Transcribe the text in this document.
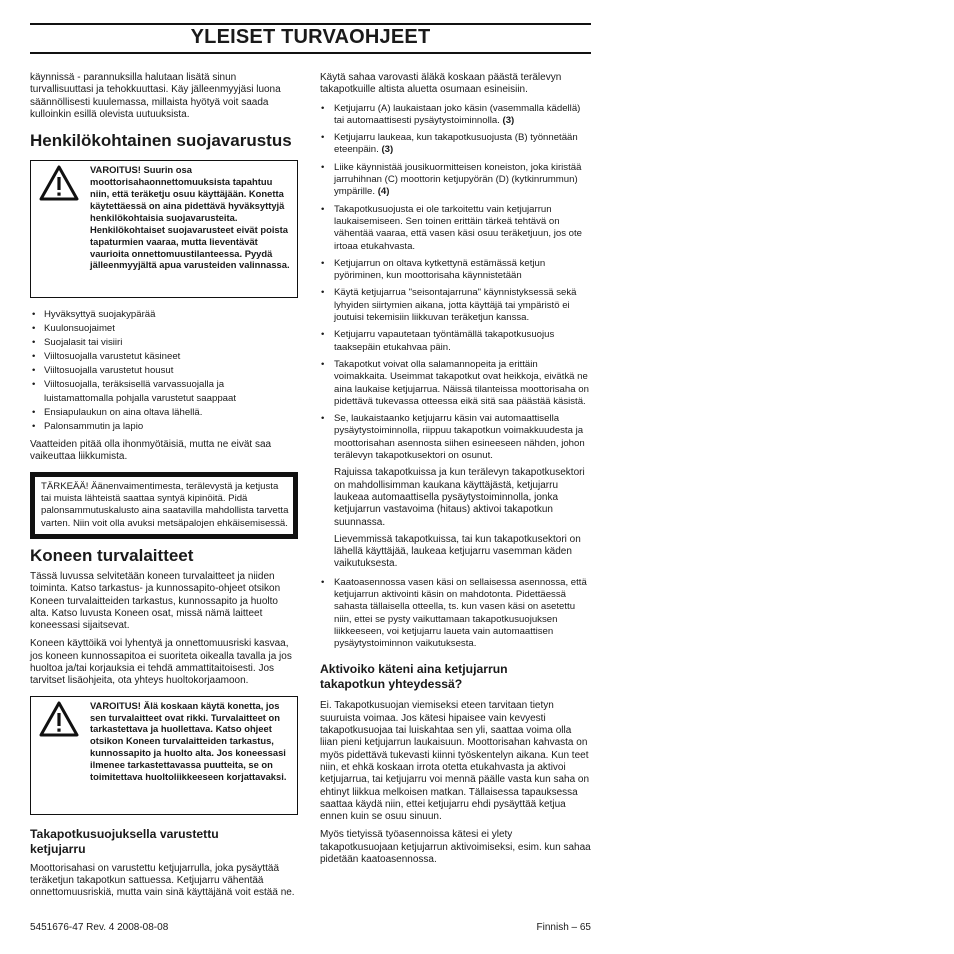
YLEISET TURVAOHJEET

käynnissä - parannuksilla halutaan lisätä sinun turvallisuuttasi ja tehokkuuttasi. Käy jälleenmyyjäsi luona säännöllisesti kuulemassa, millaista hyötyä voit saada kulloinkin esillä olevista uutuuksista.

Henkilökohtainen suojavarustus
VAROITUS! Suurin osa moottorisahaonnettomuuksista tapahtuu niin, että teräketju osuu käyttäjään. Konetta käytettäessä on aina pidettävä hyväksyttyjä henkilökohtaisia suojavarusteita. Henkilökohtaiset suojavarusteet eivät poista tapaturmien vaaraa, mutta lieventävät vaurioita onnettomuustilanteessa. Pyydä jälleenmyyjältä apua varusteiden valinnassa.
• Hyväksyttyä suojakypärää
• Kuulonsuojaimet
• Suojalasit tai visiiri
• Viiltosuojalla varustetut käsineet
• Viiltosuojalla varustetut housut
• Viiltosuojalla, teräksisellä varvassuojalla ja luistamattomalla pohjalla varustetut saappaat
• Ensiapulaukun on aina oltava lähellä.
• Palonsammutin ja lapio

Vaatteiden pitää olla ihonmyötäisiä, mutta ne eivät saa vaikeuttaa liikkumista.

TÄRKEÄÄ! Äänenvaimentimesta, terälevystä ja ketjusta tai muista lähteistä saattaa syntyä kipinöitä. Pidä palonsammutuskalusto aina saatavilla mahdollista tarvetta varten. Niin voit olla avuksi metsäpalojen ehkäisemisessä.
Koneen turvalaitteet

Tässä luvussa selvitetään koneen turvalaitteet ja niiden toiminta. Katso tarkastus- ja kunnossapito-ohjeet otsikon Koneen turvalaitteiden tarkastus, kunnossapito ja huolto alta. Katso luvusta Koneen osat, missä nämä laitteet koneessasi sijaitsevat.

Koneen käyttöikä voi lyhentyä ja onnettomuusriski kasvaa, jos koneen kunnossapitoa ei suoriteta oikealla tavalla ja jos huoltoa ja/tai korjauksia ei tehdä ammattitaitoisesti. Jos tarvitset lisäohjeita, ota yhteys huoltokorjaamoon.

VAROITUS! Älä koskaan käytä konetta, jos sen turvalaitteet ovat rikki. Turvalaitteet on tarkastettava ja huollettava. Katso ohjeet otsikon Koneen turvalaitteiden tarkastus, kunnossapito ja huolto alta. Jos koneessasi ilmenee tarkastettavassa puutteita, se on toimitettava huoltoliikkeeseen korjattavaksi.
Takapotkusuojuksella varustettu ketjujarru

Moottorisahasi on varustettu ketjujarrulla, joka pysäyttää teräketjun takapotkun sattuessa. Ketjujarru vähentää onnettomuusriskiä, mutta vain sinä käyttäjänä voit estää ne.

Käytä sahaa varovasti äläkä koskaan päästä terälevyn takapotkuille altista aluetta osumaan esineisiin.

• Ketjujarru (A) laukaistaan joko käsin (vasemmalla kädellä) tai automaattisesti pysäytystoiminnolla. (3)
• Ketjujarru laukeaa, kun takapotkusuojusta (B) työnnetään eteenpäin. (3)
• Liike käynnistää jousikuormitteisen koneiston, joka kiristää jarruhihnan (C) moottorin ketjupyörän (D) (kytkinrummun) ympärille. (4)
• Takapotkusuojusta ei ole tarkoitettu vain ketjujarrun laukaisemiseen. Sen toinen erittäin tärkeä tehtävä on vähentää vaaraa, että vasen käsi osuu teräketjuun, jos ote irtoaa etukahvasta.
• Ketjujarrun on oltava kytkettynä estämässä ketjun pyöriminen, kun moottorisaha käynnistetään
• Käytä ketjujarrua "seisontajarruna" käynnistyksessä sekä lyhyiden siirtymien aikana, jotta käyttäjä tai ympäristö ei joutuisi tekemisiin liikkuvan teräketjun kanssa.
• Ketjujarru vapautetaan työntämällä takapotkusuojus taaksepäin etukahvaa päin.
• Takapotkut voivat olla salamannopeita ja erittäin voimakkaita. Useimmat takapotkut ovat heikkoja, eivätkä ne aina laukaise ketjujarrua. Näissä tilanteissa moottorisaha on pidettävä tukevassa otteessa eikä sitä saa päästää käsistä.
• Se, laukaistaanko ketjujarru käsin vai automaattisella pysäytystoiminnolla, riippuu takapotkun voimakkuudesta ja moottorisahan asennosta siihen esineeseen nähden, johon terälevyn takapotkusektori on osunut.

Rajuissa takapotkuissa ja kun terälevyn takapotkusektori on mahdollisimman kaukana käyttäjästä, ketjujarru laukeaa automaattisella pysäytystoiminnolla, jonka ketjujarrun vastavoima (hitaus) aktivoi takapotkun suunnassa.

Lievemmissä takapotkuissa, tai kun takapotkusektori on lähellä käyttäjää, laukeaa ketjujarru vasemman käden vaikutuksesta.

• Kaatoasennossa vasen käsi on sellaisessa asennossa, että ketjujarrun aktivointi käsin on mahdotonta. Pidettäessä sahasta tällaisella otteella, ts. kun vasen käsi on asetettu niin, ettei se pysty vaikuttamaan takapotkusuojuksen liikkeeseen, voi ketjujarru laueta vain automaattisen pysäytystoiminnon vaikutuksesta.
Aktivoiko käteni aina ketjujarrun takapotkun yhteydessä?

Ei. Takapotkusuojan viemiseksi eteen tarvitaan tietyn suuruista voimaa. Jos kätesi hipaisee vain kevyesti takapotkusuojaa tai luiskahtaa sen yli, saattaa voima olla liian pieni ketjujarrun laukaisuun. Moottorisahan kahvasta on myös pidettävä tukevasti kiinni työskentelyn aikana. Kun teet niin, et ehkä koskaan irrota otetta etukahvasta ja aktivoi ketjujarrua, tai ketjujarru voi mennä päälle vasta kun saha on ehtinyt liikkua melkoisen matkan. Tällaisessa tapauksessa saattaa käydä niin, ettei ketjujarru ehdi pysäyttää ketjua ennen kuin se osuu sinuun.

Myös tietyissä työasennoissa kätesi ei ylety takapotkusuojaan ketjujarrun aktivoimiseksi, esim. kun sahaa pidetään kaatoasennossa.

5451676-47 Rev. 4 2008-08-08	Finnish – 65
